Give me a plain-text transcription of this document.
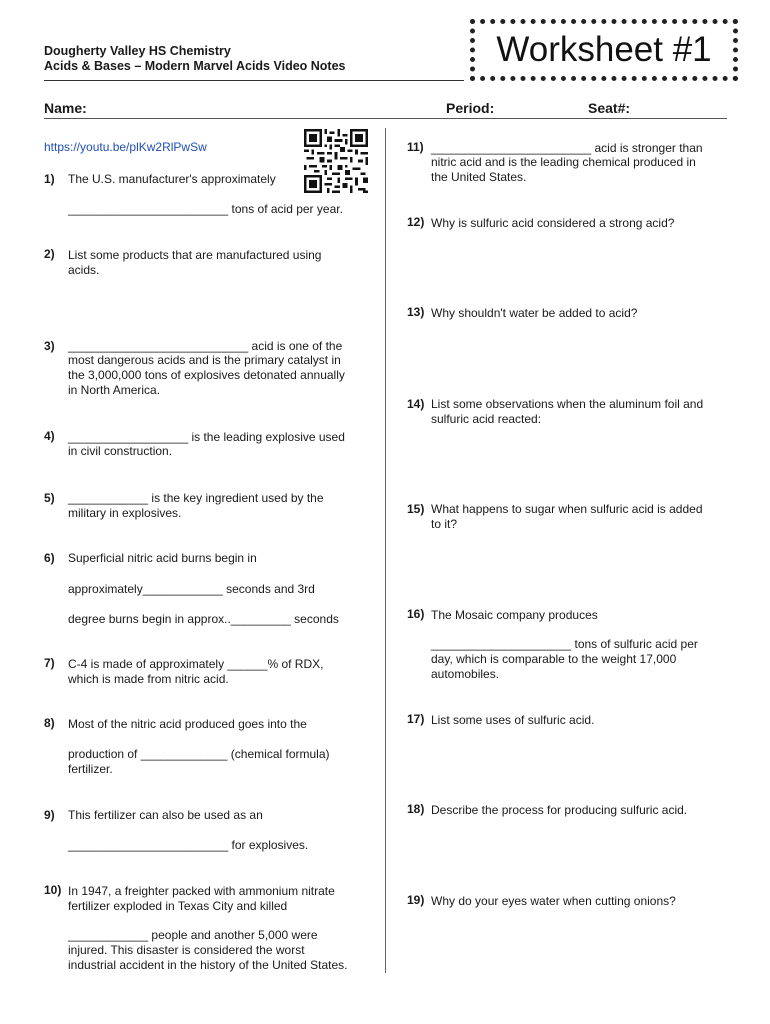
Dougherty Valley HS Chemistry
Acids & Bases – Modern Marvel Acids Video Notes	Worksheet #1
Name:	Period:	Seat#:
https://youtu.be/plKw2RlPwSw
1) The U.S. manufacturer's approximately
________________________ tons of acid per year.
2) List some products that are manufactured using
acids.
3) ___________________________ acid is one of the
most dangerous acids and is the primary catalyst in
the 3,000,000 tons of explosives detonated annually
in North America.
4) __________________ is the leading explosive used
in civil construction.
5) ____________ is the key ingredient used by the
military in explosives.
6) Superficial nitric acid burns begin in
approximately____________ seconds and 3rd
degree burns begin in approx.._________ seconds
7) C-4 is made of approximately ______% of RDX,
which is made from nitric acid.
8) Most of the nitric acid produced goes into the
production of _____________ (chemical formula)
fertilizer.
9) This fertilizer can also be used as an
________________________ for explosives.
10) In 1947, a freighter packed with ammonium nitrate
fertilizer exploded in Texas City and killed
____________ people and another 5,000 were
injured. This disaster is considered the worst
industrial accident in the history of the United States.
11) ________________________ acid is stronger than
nitric acid and is the leading chemical produced in
the United States.
12) Why is sulfuric acid considered a strong acid?
13) Why shouldn't water be added to acid?
14) List some observations when the aluminum foil and
sulfuric acid reacted:
15) What happens to sugar when sulfuric acid is added
to it?
16) The Mosaic company produces
_____________________ tons of sulfuric acid per
day, which is comparable to the weight 17,000
automobiles.
17) List some uses of sulfuric acid.
18) Describe the process for producing sulfuric acid.
19) Why do your eyes water when cutting onions?
